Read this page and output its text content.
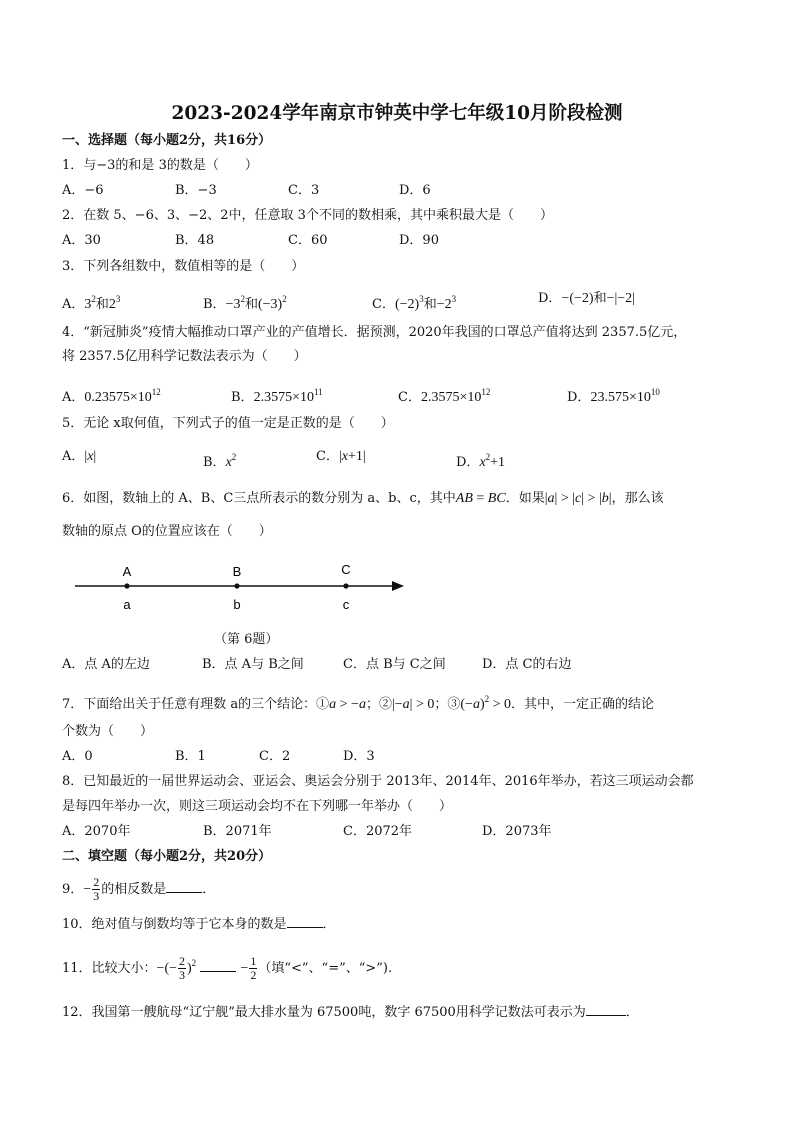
2023-2024学年南京市钟英中学七年级10月阶段检测
一、选择题（每小题2分，共16分）
1．与−3的和是 3的数是（　　）
A．−6	B．−3	C．3	D．6
2．在数 5、−6、3、−2、2中，任意取 3个不同的数相乘，其中乘积最大是（　　）
A．30	B．48	C．60	D．90
3．下列各组数中，数值相等的是（　　）
A．$3^2$和$2^3$	B．$-3^2$和$(-3)^2$	C．$(-2)^3$和$-2^3$	D．−(−2)和−|−2|
4．“新冠肺炎”疫情大幅推动口罩产业的产值增长．据预测，2020年我国的口罩总产值将达到 2357.5亿元，
将 2357.5亿用科学记数法表示为（　　）
A．$0.23575\times 10^{12}$	B．$2.3575\times 10^{11}$	C．$2.3575\times 10^{12}$	D．$23.575\times 10^{10}$
5．无论 x取何值，下列式子的值一定是正数的是（　　）
A．|x|	B．$x^2$	C．|x+1|	D．$x^2+1$
6．如图，数轴上的 A、B、C三点所表示的数分别为 a、b、c，其中AB = BC．如果|a| > |c| > |b|，那么该
数轴的原点 O的位置应该在（　　）
A	B	C
a	b	c
（第 6题）
A．点 A的左边	B．点 A与 B之间	C．点 B与 C之间	D．点 C的右边
7．下面给出关于任意有理数 a的三个结论：①a > −a；②|−a| > 0；$③(-a)^2 > 0$．其中，一定正确的结论
个数为（　　）
A．0	B．1	C．2	D．3
8．已知最近的一届世界运动会、亚运会、奥运会分别于 2013年、2014年、2016年举办，若这三项运动会都
是每四年举办一次，则这三项运动会均不在下列哪一年举办（　　）
A．2070年	B．2071年	C．2072年	D．2073年
二、填空题（每小题2分，共20分）
9．− $\frac{2}{3}$ 的相反数是	．
10．绝对值与倒数均等于它本身的数是	．
11．比较大小：−(− $\frac{2}{3} )^2$	− $\frac{1}{2}$ （填“<”、“=”、“>”).
12．我国第一艘航母“辽宁舰”最大排水量为 67500吨，数字 67500用科学记数法可表示为	．
